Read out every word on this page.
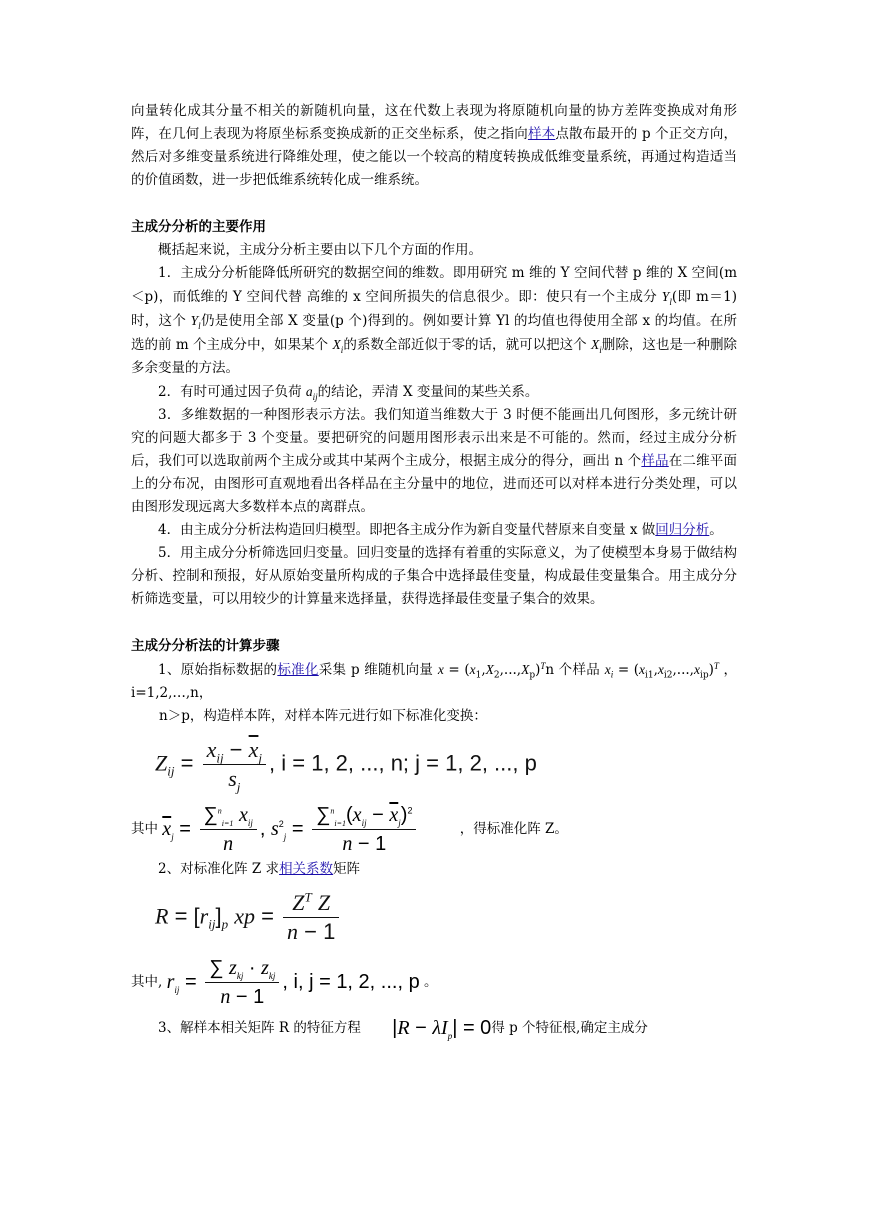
向量转化成其分量不相关的新随机向量，这在代数上表现为将原随机向量的协方差阵变换成对角形阵，在几何上表现为将原坐标系变换成新的正交坐标系，使之指向样本点散布最开的 p 个正交方向，然后对多维变量系统进行降维处理，使之能以一个较高的精度转换成低维变量系统，再通过构造适当的价值函数，进一步把低维系统转化成一维系统。

主成分分析的主要作用

概括起来说，主成分分析主要由以下几个方面的作用。

1．主成分分析能降低所研究的数据空间的维数。即用研究 m 维的 Y 空间代替 p 维的 X 空间(m＜p)，而低维的 Y 空间代替 高维的 x 空间所损失的信息很少。即：使只有一个主成分 $Y_l$(即 m＝1)时，这个 $Y_l$仍是使用全部 X 变量(p 个)得到的。例如要计算 Yl 的均值也得使用全部 x 的均值。在所选的前 m 个主成分中，如果某个 $X_i$的系数全部近似于零的话，就可以把这个 $X_i$删除，这也是一种删除多余变量的方法。

2．有时可通过因子负荷 $a_{ij}$的结论，弄清 X 变量间的某些关系。

3．多维数据的一种图形表示方法。我们知道当维数大于 3 时便不能画出几何图形，多元统计研究的问题大都多于 3 个变量。要把研究的问题用图形表示出来是不可能的。然而，经过主成分分析后，我们可以选取前两个主成分或其中某两个主成分，根据主成分的得分，画出 n 个样品在二维平面上的分布况，由图形可直观地看出各样品在主分量中的地位，进而还可以对样本进行分类处理，可以由图形发现远离大多数样本点的离群点。

4．由主成分分析法构造回归模型。即把各主成分作为新自变量代替原来自变量 x 做回归分析。

5．用主成分分析筛选回归变量。回归变量的选择有着重的实际意义，为了使模型本身易于做结构分析、控制和预报，好从原始变量所构成的子集合中选择最佳变量，构成最佳变量集合。用主成分分析筛选变量，可以用较少的计算量来选择量，获得选择最佳变量子集合的效果。

主成分分析法的计算步骤

1、原始指标数据的标准化采集 p 维随机向量 $x = (x_1,X_2,...,X_p)^Tn$ 个样品 $x_i = (x_{i1},x_{i2},...,x_{ip})^T$ ，i=1,2,…,n，

n＞p，构造样本阵，对样本阵元进行如下标准化变换：

$Z_{ij} = \frac{x_{ij} - \overline{x}_j}{s_j}$ , i = 1, 2, ..., n; j = 1, 2, ..., p

其中 $\overline{x}_j = \frac{\sum^n_{i=1} x_{ij}}{n}$ , $s^2_j = \frac{\sum^n_{i=1}(x_{ij} - \overline{x}_j)^2}{n - 1}$	，得标准化阵 Z。

2、对标准化阵 Z 求相关系数矩阵

$R = [r_{ij}]_p$ xp = $\frac{Z^T Z}{n - 1}$

其中, $r_{ij} = \frac{\sum z_{kj} \cdot z_{kj}}{n - 1}$ , i, j = 1, 2, ..., p 。

3、解样本相关矩阵 R 的特征方程 $|R - \lambda I_p| = 0$得 p 个特征根,确定主成分
